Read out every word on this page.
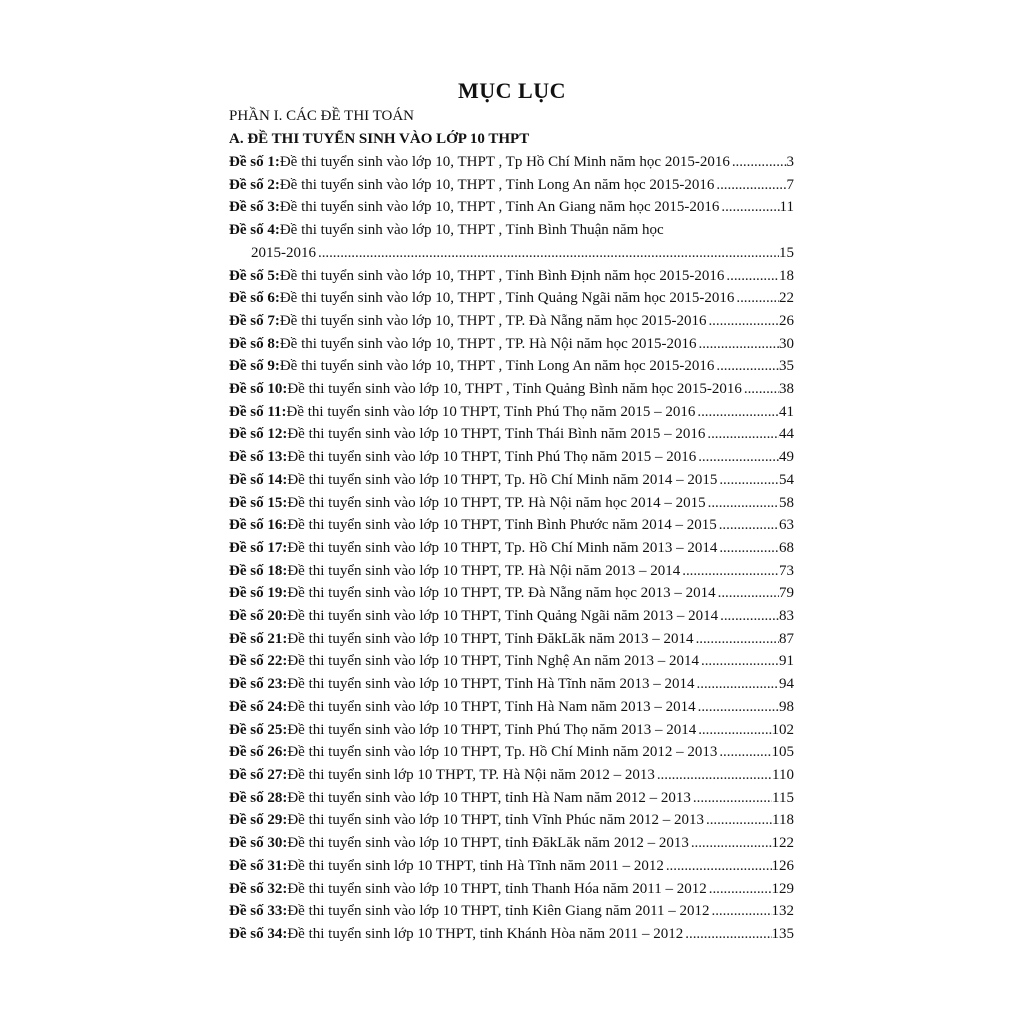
MỤC LỤC
PHẦN I. CÁC ĐỀ THI TOÁN
A. ĐỀ THI TUYỂN SINH VÀO LỚP 10 THPT
Đề số 1: Đề thi tuyển sinh vào lớp 10, THPT , Tp Hồ Chí Minh năm học 2015-2016 . . .	3
Đề số 2: Đề thi tuyển sinh vào lớp 10, THPT , Tỉnh Long An năm học 2015-2016 . . .	7
Đề số 3: Đề thi tuyển sinh vào lớp 10, THPT , Tỉnh An Giang năm học 2015-2016 . . .	11
Đề số 4: Đề thi tuyển sinh vào lớp 10, THPT , Tỉnh Bình Thuận năm học
2015-2016 . . .	15
Đề số 5: Đề thi tuyển sinh vào lớp 10, THPT , Tỉnh Bình Định năm học 2015-2016 . . .	18
Đề số 6: Đề thi tuyển sinh vào lớp 10, THPT , Tỉnh Quảng Ngãi năm học 2015-2016 . . .	22
Đề số 7: Đề thi tuyển sinh vào lớp 10, THPT , TP. Đà Nẵng năm học 2015-2016 . . .	26
Đề số 8: Đề thi tuyển sinh vào lớp 10, THPT , TP. Hà Nội năm học 2015-2016 . . .	30
Đề số 9: Đề thi tuyển sinh vào lớp 10, THPT , Tỉnh Long An năm học 2015-2016 . . .	35
Đề số 10: Đề thi tuyển sinh vào lớp 10, THPT , Tỉnh Quảng Bình năm học 2015-2016 . . . 38
Đề số 11: Đề thi tuyển sinh vào lớp 10 THPT, Tỉnh Phú Thọ năm 2015 – 2016 . . .	41
Đề số 12: Đề thi tuyển sinh vào lớp 10 THPT, Tỉnh Thái Bình năm 2015 – 2016 . . .	44
Đề số 13: Đề thi tuyển sinh vào lớp 10 THPT, Tỉnh Phú Thọ năm 2015 – 2016 . . .	49
Đề số 14: Đề thi tuyển sinh vào lớp 10 THPT, Tp. Hồ Chí Minh năm 2014 – 2015 . . .	54
Đề số 15: Đề thi tuyển sinh vào lớp 10 THPT, TP. Hà Nội năm học 2014 – 2015 . . .	58
Đề số 16: Đề thi tuyển sinh vào lớp 10 THPT, Tỉnh Bình Phước năm 2014 – 2015 . . .	63
Đề số 17: Đề thi tuyển sinh vào lớp 10 THPT, Tp. Hồ Chí Minh năm 2013 – 2014 . . .	68
Đề số 18: Đề thi tuyển sinh vào lớp 10 THPT, TP. Hà Nội năm 2013 – 2014 . . .	73
Đề số 19: Đề thi tuyển sinh vào lớp 10 THPT, TP. Đà Nẵng năm học 2013 – 2014 . . .	79
Đề số 20: Đề thi tuyển sinh vào lớp 10 THPT, Tỉnh Quảng Ngãi năm 2013 – 2014 . . .	83
Đề số 21: Đề thi tuyển sinh vào lớp 10 THPT, Tỉnh ĐăkLăk năm 2013 – 2014 . . .	87
Đề số 22: Đề thi tuyển sinh vào lớp 10 THPT, Tỉnh Nghệ An năm 2013 – 2014 . . .	91
Đề số 23: Đề thi tuyển sinh vào lớp 10 THPT, Tỉnh Hà Tĩnh năm 2013 – 2014 . . .	94
Đề số 24: Đề thi tuyển sinh vào lớp 10 THPT, Tỉnh Hà Nam năm 2013 – 2014 . . .	98
Đề số 25: Đề thi tuyển sinh vào lớp 10 THPT, Tỉnh Phú Thọ năm 2013 – 2014 . . .	102
Đề số 26: Đề thi tuyển sinh vào lớp 10 THPT, Tp. Hồ Chí Minh năm 2012 – 2013 . . .	105
Đề số 27: Đề thi tuyển sinh lớp 10 THPT, TP. Hà Nội năm 2012 – 2013 . . .	110
Đề số 28: Đề thi tuyển sinh vào lớp 10 THPT, tỉnh Hà Nam năm 2012 – 2013 . . .	115
Đề số 29: Đề thi tuyển sinh vào lớp 10 THPT, tỉnh Vĩnh Phúc năm 2012 – 2013 . . .	118
Đề số 30: Đề thi tuyển sinh vào lớp 10 THPT, tỉnh ĐăkLăk năm 2012 – 2013 . . .	122
Đề số 31: Đề thi tuyển sinh lớp 10 THPT, tỉnh Hà Tĩnh năm 2011 – 2012 . . .	126
Đề số 32: Đề thi tuyển sinh vào lớp 10 THPT, tỉnh Thanh Hóa năm 2011 – 2012 . . .	129
Đề số 33: Đề thi tuyển sinh vào lớp 10 THPT, tỉnh Kiên Giang năm 2011 – 2012 . . .	132
Đề số 34: Đề thi tuyển sinh lớp 10 THPT, tỉnh Khánh Hòa năm 2011 – 2012 . . .	135
